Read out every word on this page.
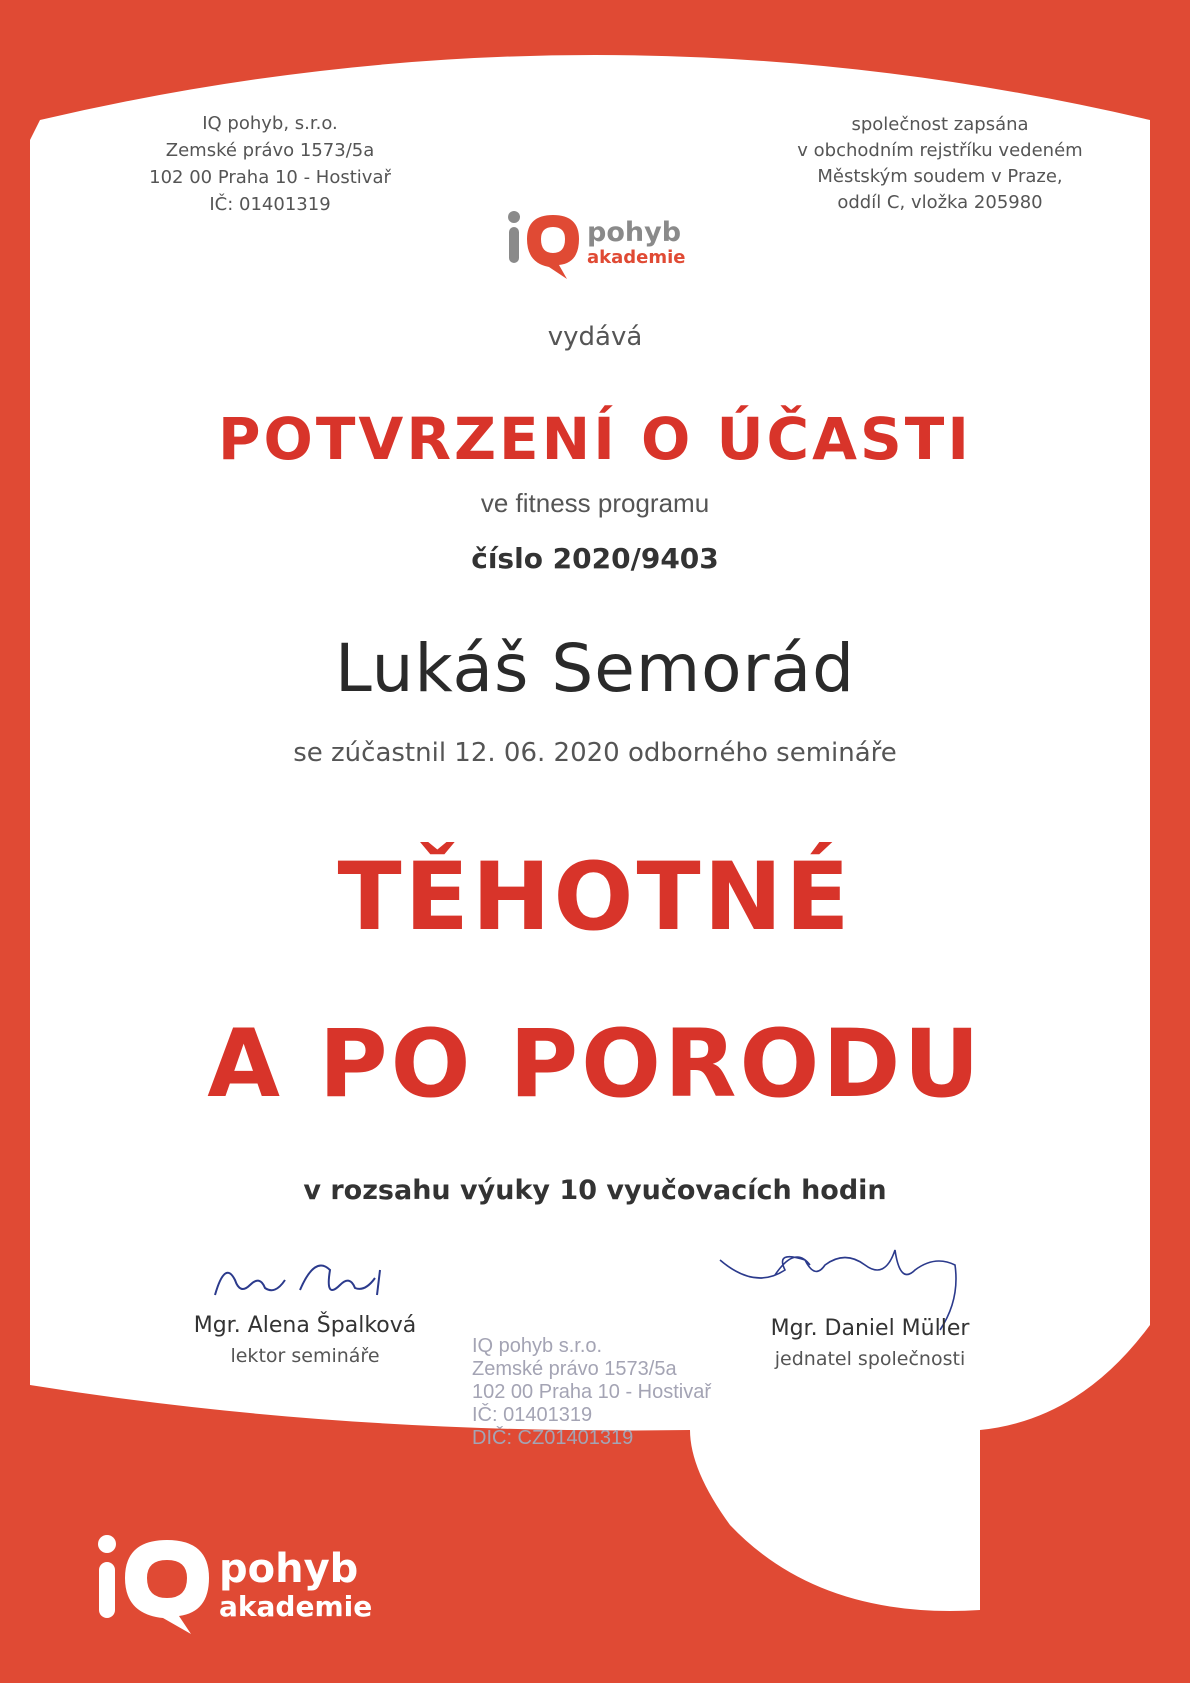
IQ pohyb, s.r.o.
Zemské právo 1573/5a
102 00 Praha 10 - Hostivař
IČ: 01401319
společnost zapsána
v obchodním rejstříku vedeném
Městským soudem v Praze,
oddíl C, vložka 205980
pohyb
akademie
vydává
POTVRZENÍ O ÚČASTI
ve fitness programu
číslo 2020/9403
Lukáš Semorád
se zúčastnil 12. 06. 2020 odborného semináře
TĚHOTNÉ
A PO PORODU
v rozsahu výuky 10 vyučovacích hodin
Mgr. Alena Špalková
lektor semináře
Mgr. Daniel Müller
jednatel společnosti
IQ pohyb s.r.o.
Zemské právo 1573/5a
102 00 Praha 10 - Hostivař
IČ: 01401319
DIČ: CZ01401319
pohyb
akademie
